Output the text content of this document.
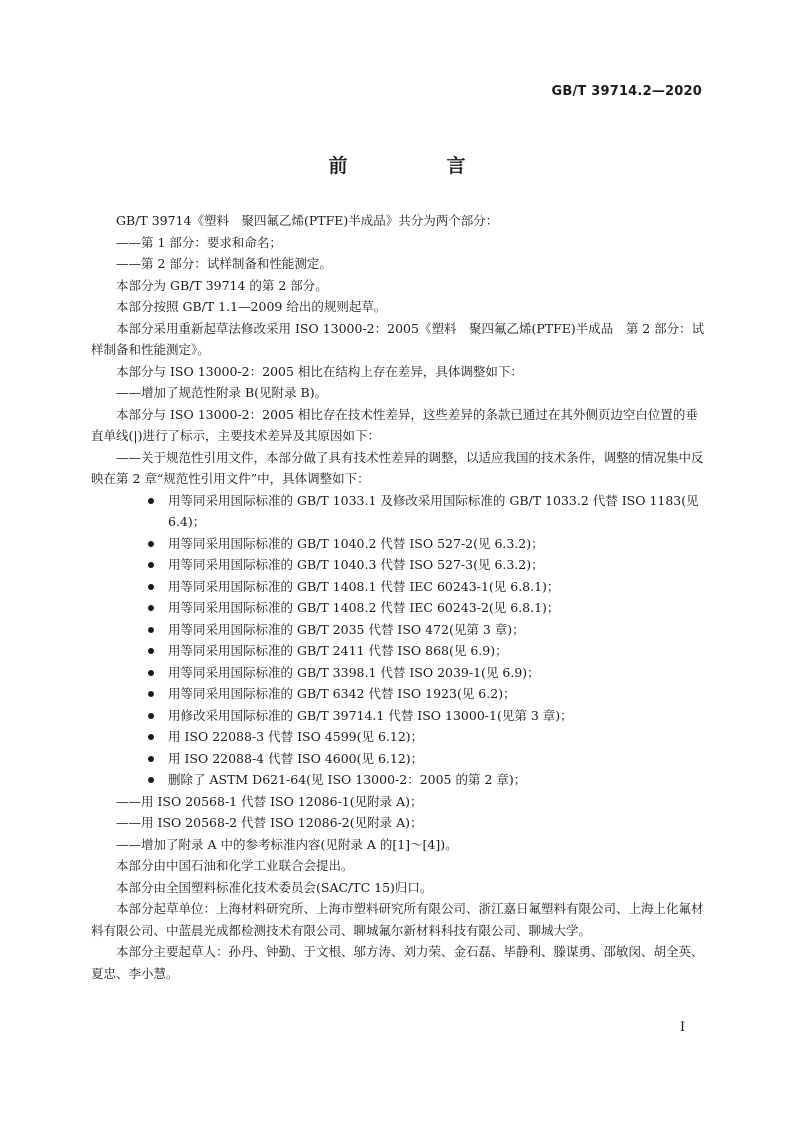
GB/T 39714.2—2020
前　言

GB/T 39714《塑料　聚四氟乙烯(PTFE)半成品》共分为两个部分：

——第 1 部分：要求和命名；

——第 2 部分：试样制备和性能测定。

本部分为 GB/T 39714 的第 2 部分。

本部分按照 GB/T 1.1—2009 给出的规则起草。

本部分采用重新起草法修改采用 ISO 13000-2：2005《塑料　聚四氟乙烯(PTFE)半成品　第 2 部分：试样制备和性能测定》。

本部分与 ISO 13000-2：2005 相比在结构上存在差异，具体调整如下：

——增加了规范性附录 B(见附录 B)。

本部分与 ISO 13000-2：2005 相比存在技术性差异，这些差异的条款已通过在其外侧页边空白位置的垂直单线(|)进行了标示，主要技术差异及其原因如下：

——关于规范性引用文件，本部分做了具有技术性差异的调整，以适应我国的技术条件，调整的情况集中反映在第 2 章“规范性引用文件”中，具体调整如下：

用等同采用国际标准的 GB/T 1033.1 及修改采用国际标准的 GB/T 1033.2 代替 ISO 1183(见 6.4)；
用等同采用国际标准的 GB/T 1040.2 代替 ISO 527-2(见 6.3.2)；
用等同采用国际标准的 GB/T 1040.3 代替 ISO 527-3(见 6.3.2)；
用等同采用国际标准的 GB/T 1408.1 代替 IEC 60243-1(见 6.8.1)；
用等同采用国际标准的 GB/T 1408.2 代替 IEC 60243-2(见 6.8.1)；
用等同采用国际标准的 GB/T 2035 代替 ISO 472(见第 3 章)；
用等同采用国际标准的 GB/T 2411 代替 ISO 868(见 6.9)；
用等同采用国际标准的 GB/T 3398.1 代替 ISO 2039-1(见 6.9)；
用等同采用国际标准的 GB/T 6342 代替 ISO 1923(见 6.2)；
用修改采用国际标准的 GB/T 39714.1 代替 ISO 13000-1(见第 3 章)；
用 ISO 22088-3 代替 ISO 4599(见 6.12)；
用 ISO 22088-4 代替 ISO 4600(见 6.12)；
删除了 ASTM D621-64(见 ISO 13000-2：2005 的第 2 章)；

——用 ISO 20568-1 代替 ISO 12086-1(见附录 A)；

——用 ISO 20568-2 代替 ISO 12086-2(见附录 A)；

——增加了附录 A 中的参考标准内容(见附录 A 的[1]～[4])。

本部分由中国石油和化学工业联合会提出。

本部分由全国塑料标准化技术委员会(SAC/TC 15)归口。

本部分起草单位：上海材料研究所、上海市塑料研究所有限公司、浙江嘉日氟塑料有限公司、上海上化氟材料有限公司、中蓝晨光成都检测技术有限公司、聊城氟尔新材料科技有限公司、聊城大学。

本部分主要起草人：孙丹、钟勤、于文根、邬方涛、刘力荣、金石磊、毕静利、滕谋勇、邵敏闵、胡全英、夏忠、李小慧。

I
